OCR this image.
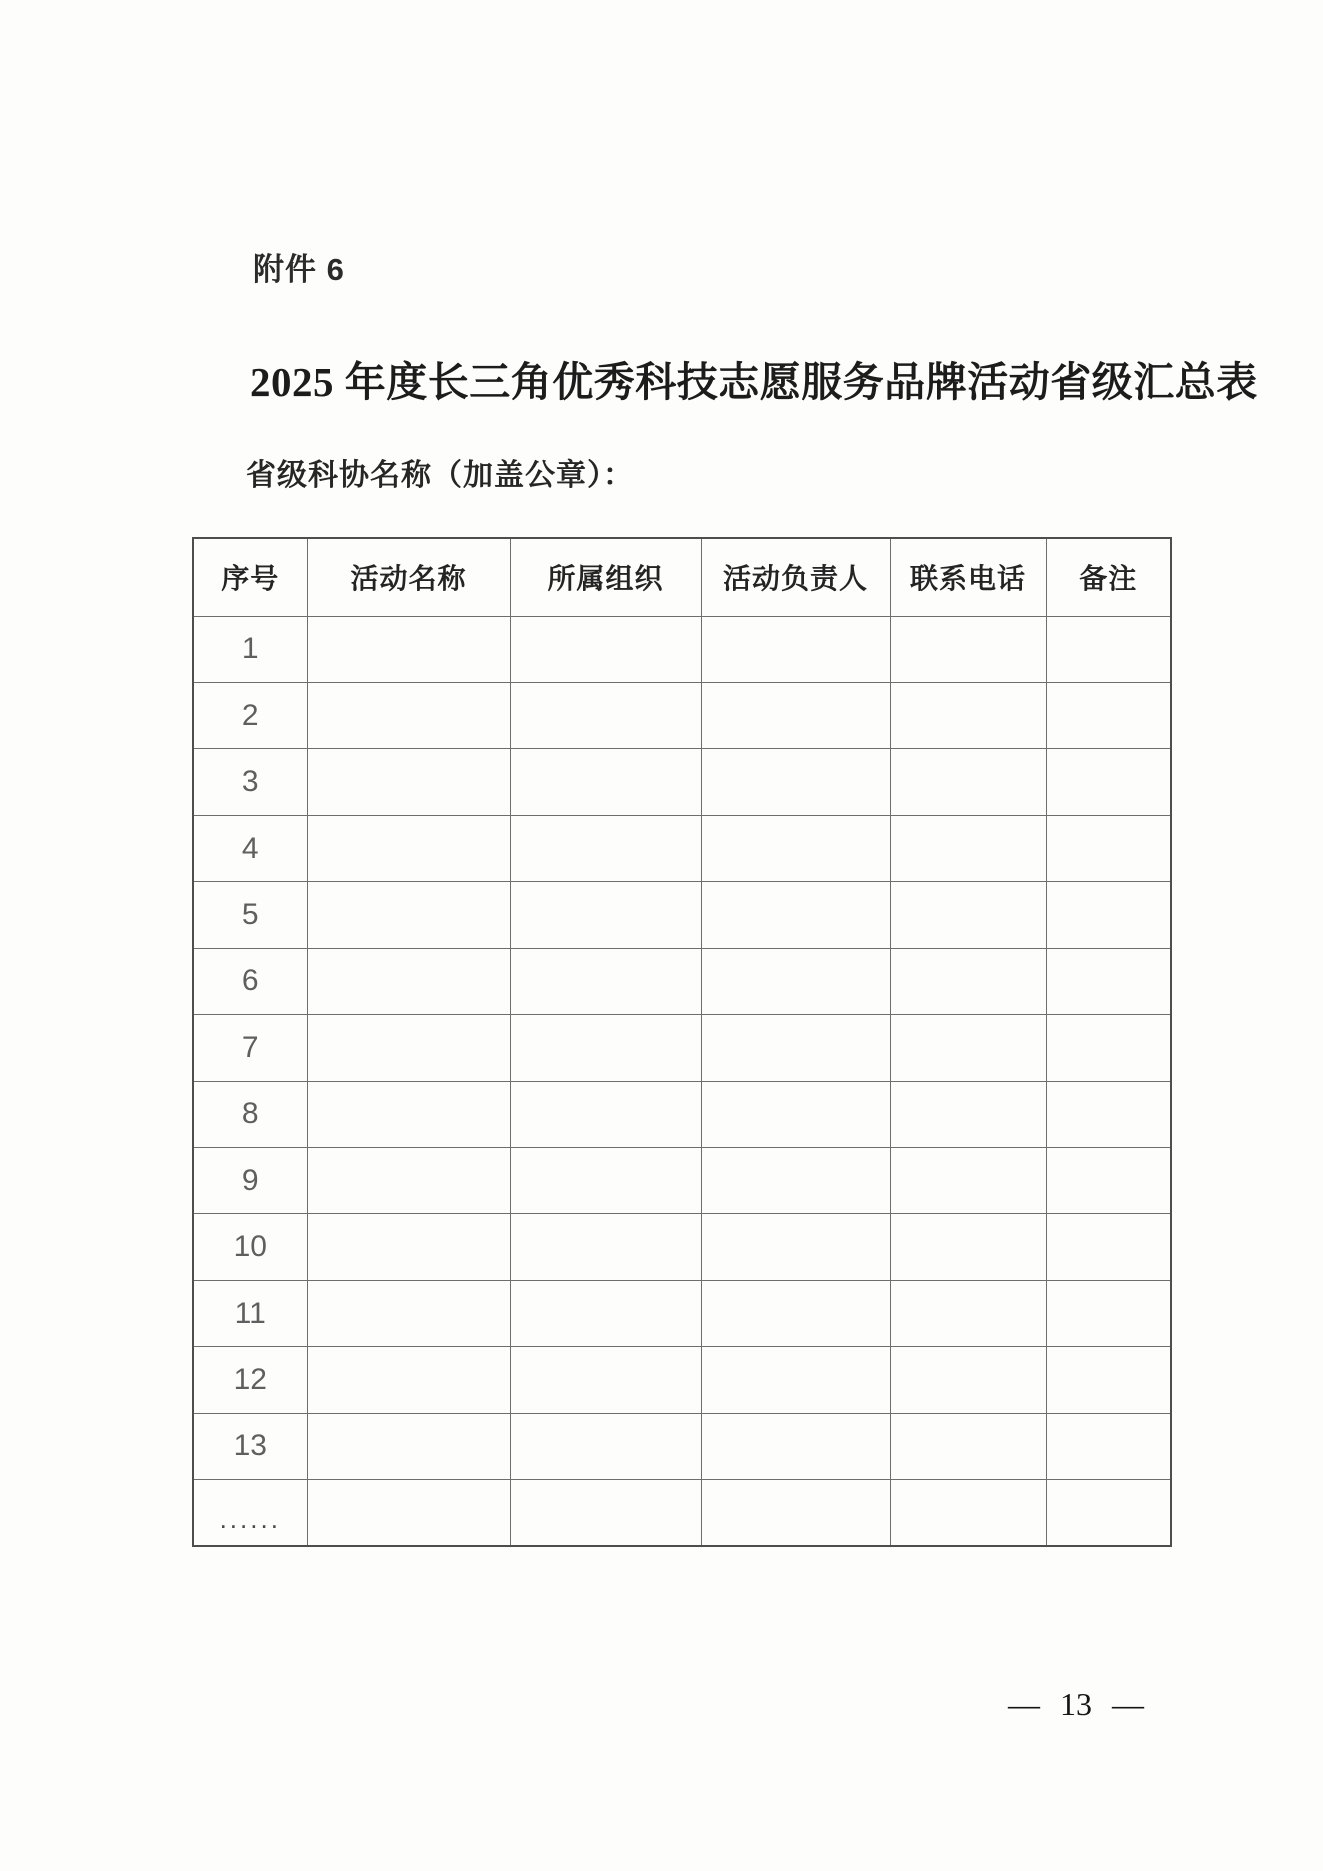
附件 6
2025 年度长三角优秀科技志愿服务品牌活动省级汇总表
省级科协名称（加盖公章）：
序号	活动名称	所属组织	活动负责人	联系电话	备注
1					
2					
3					
4					
5					
6					
7					
8					
9					
10					
11					
12					
13					
......					
— 13 —
